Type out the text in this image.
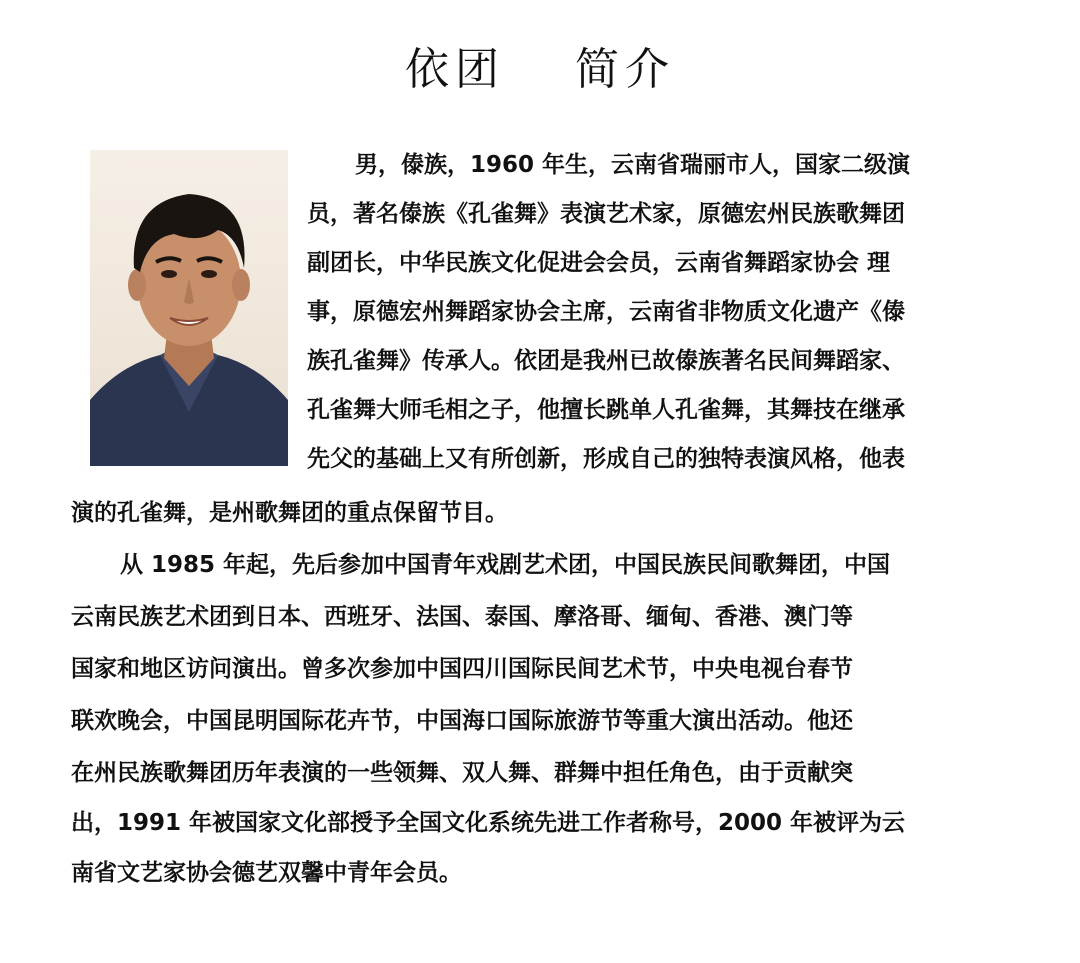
依团　 简介
男，傣族，1960 年生，云南省瑞丽市人，国家二级演
员，著名傣族《孔雀舞》表演艺术家，原德宏州民族歌舞团
副团长，中华民族文化促进会会员，云南省舞蹈家协会 理
事，原德宏州舞蹈家协会主席，云南省非物质文化遗产《傣
族孔雀舞》传承人。依团是我州已故傣族著名民间舞蹈家、
孔雀舞大师毛相之子，他擅长跳单人孔雀舞，其舞技在继承
先父的基础上又有所创新，形成自己的独特表演风格，他表
演的孔雀舞，是州歌舞团的重点保留节目。
从 1985 年起，先后参加中国青年戏剧艺术团，中国民族民间歌舞团，中国
云南民族艺术团到日本、西班牙、法国、泰国、摩洛哥、缅甸、香港、澳门等
国家和地区访问演出。曾多次参加中国四川国际民间艺术节，中央电视台春节
联欢晚会，中国昆明国际花卉节，中国海口国际旅游节等重大演出活动。他还
在州民族歌舞团历年表演的一些领舞、双人舞、群舞中担任角色，由于贡献突
出，1991 年被国家文化部授予全国文化系统先进工作者称号，2000 年被评为云
南省文艺家协会德艺双馨中青年会员。
